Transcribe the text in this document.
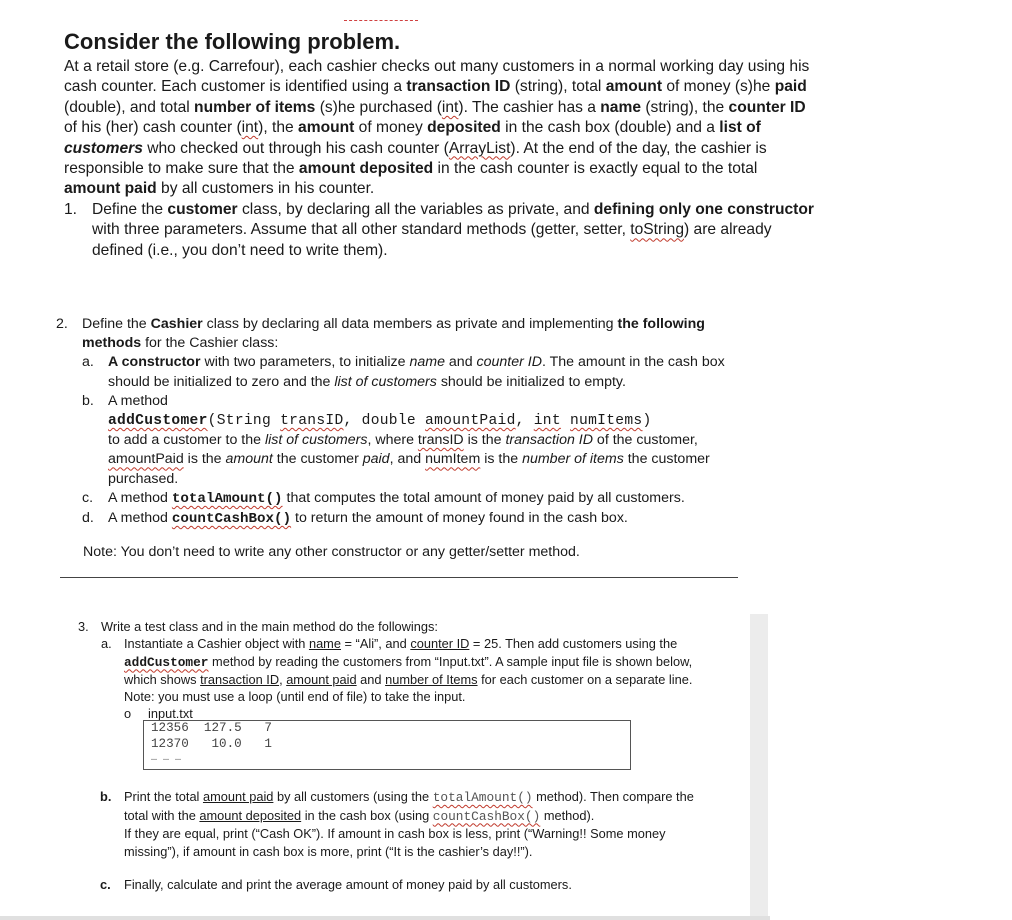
Consider the following problem.

At a retail store (e.g. Carrefour), each cashier checks out many customers in a normal working day using his cash counter. Each customer is identified using a transaction ID (string), total amount of money (s)he paid (double), and total number of items (s)he purchased (int). The cashier has a name (string), the counter ID of his (her) cash counter (int), the amount of money deposited in the cash box (double) and a list of customers who checked out through his cash counter (ArrayList). At the end of the day, the cashier is responsible to make sure that the amount deposited in the cash counter is exactly equal to the total amount paid by all customers in his counter.

1. Define the customer class, by declaring all the variables as private, and defining only one constructor with three parameters. Assume that all other standard methods (getter, setter, toString) are already defined (i.e., you don’t need to write them).
2. Define the Cashier class by declaring all data members as private and implementing the following methods for the Cashier class:
a. A constructor with two parameters, to initialize name and counter ID. The amount in the cash box should be initialized to zero and the list of customers should be initialized to empty.
b. A method
addCustomer(String transID, double amountPaid, int numItems)
to add a customer to the list of customers, where transID is the transaction ID of the customer, amountPaid is the amount the customer paid, and numItem is the number of items the customer purchased.
c.	A method totalAmount() that computes the total amount of money paid by all customers.
d. A method countCashBox() to return the amount of money found in the cash box.
Note: You don’t need to write any other constructor or any getter/setter method.
3. Write a test class and in the main method do the followings:
a. Instantiate a Cashier object with name = “Ali”, and counter ID = 25. Then add customers using the addCustomer method by reading the customers from “Input.txt”. A sample input file is shown below, which shows transaction ID, amount paid and number of Items for each customer on a separate line. Note: you must use a loop (until end of file) to take the input.
o input.txt
12356  127.5   7
12370   10.0   1
… … …
b. Print the total amount paid by all customers (using the totalAmount() method). Then compare the total with the amount deposited in the cash box (using countCashBox() method).
If they are equal, print (“Cash OK”). If amount in cash box is less, print (“Warning!! Some money missing”), if amount in cash box is more, print (“It is the cashier’s day!!”).
c.	Finally, calculate and print the average amount of money paid by all customers.
